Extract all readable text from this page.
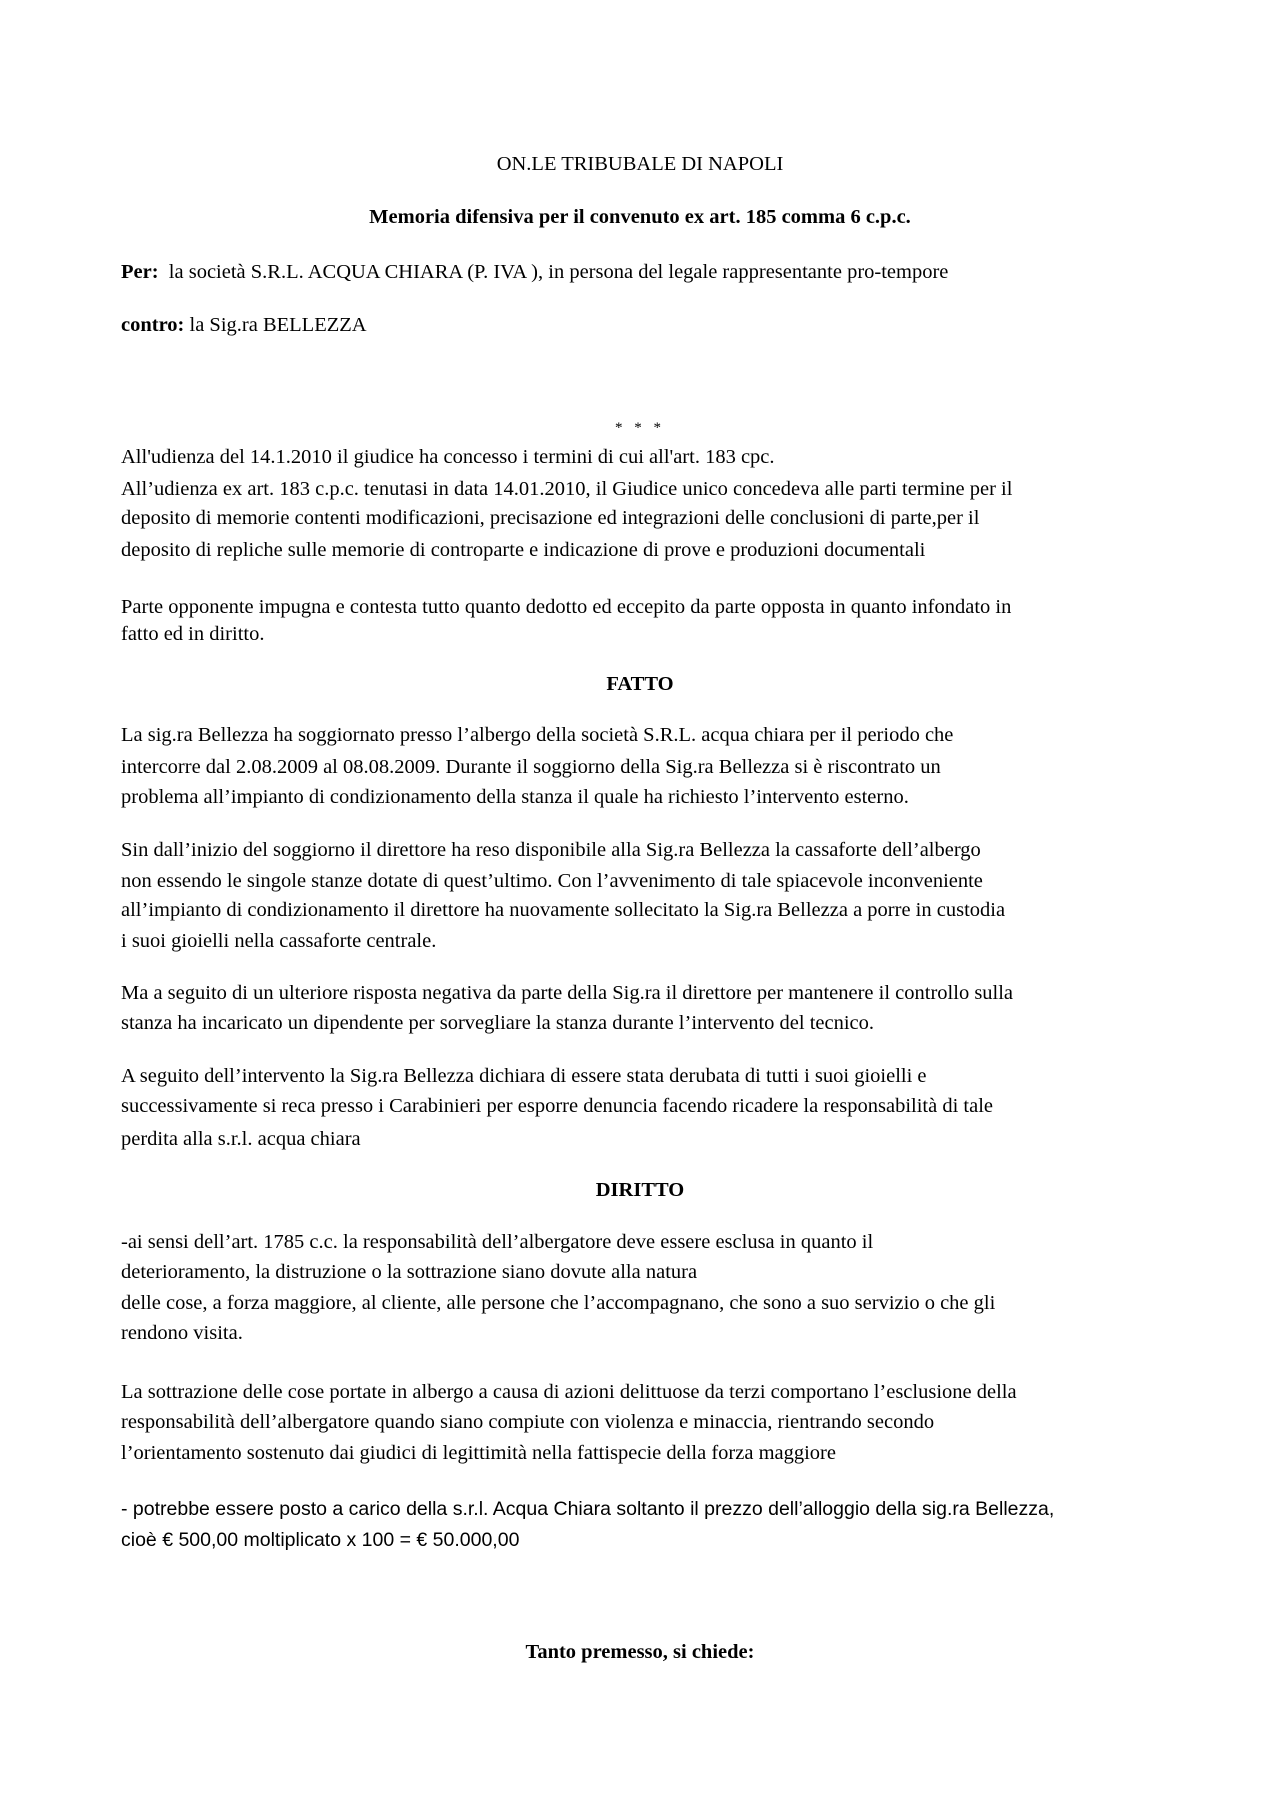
ON.LE TRIBUBALE DI NAPOLI

Memoria difensiva per il convenuto ex art. 185 comma 6 c.p.c.

Per: la società S.R.L. ACQUA CHIARA (P. IVA ), in persona del legale rappresentante pro-tempore

contro: la Sig.ra BELLEZZA

* * *

All'udienza del 14.1.2010 il giudice ha concesso i termini di cui all'art. 183 cpc.

All’udienza ex art. 183 c.p.c. tenutasi in data 14.01.2010, il Giudice unico concedeva alle parti termine per il

deposito di memorie contenti modificazioni, precisazione ed integrazioni delle conclusioni di parte,per il

deposito di repliche sulle memorie di controparte e indicazione di prove e produzioni documentali

Parte opponente impugna e contesta tutto quanto dedotto ed eccepito da parte opposta in quanto infondato in

fatto ed in diritto.

FATTO

La sig.ra Bellezza ha soggiornato presso l’albergo della società S.R.L. acqua chiara per il periodo che

intercorre dal 2.08.2009 al 08.08.2009. Durante il soggiorno della Sig.ra Bellezza si è riscontrato un

problema all’impianto di condizionamento della stanza il quale ha richiesto l’intervento esterno.

Sin dall’inizio del soggiorno il direttore ha reso disponibile alla Sig.ra Bellezza la cassaforte dell’albergo

non essendo le singole stanze dotate di quest’ultimo. Con l’avvenimento di tale spiacevole inconveniente

all’impianto di condizionamento il direttore ha nuovamente sollecitato la Sig.ra Bellezza a porre in custodia

i suoi gioielli nella cassaforte centrale.

Ma a seguito di un ulteriore risposta negativa da parte della Sig.ra il direttore per mantenere il controllo sulla

stanza ha incaricato un dipendente per sorvegliare la stanza durante l’intervento del tecnico.

A seguito dell’intervento la Sig.ra Bellezza dichiara di essere stata derubata di tutti i suoi gioielli e

successivamente si reca presso i Carabinieri per esporre denuncia facendo ricadere la responsabilità di tale

perdita alla s.r.l. acqua chiara

DIRITTO

-ai sensi dell’art. 1785 c.c. la responsabilità dell’albergatore deve essere esclusa in quanto il

deterioramento, la distruzione o la sottrazione siano dovute alla natura

delle cose, a forza maggiore, al cliente, alle persone che l’accompagnano, che sono a suo servizio o che gli

rendono visita.

La sottrazione delle cose portate in albergo a causa di azioni delittuose da terzi comportano l’esclusione della

responsabilità dell’albergatore quando siano compiute con violenza e minaccia, rientrando secondo

l’orientamento sostenuto dai giudici di legittimità nella fattispecie della forza maggiore

- potrebbe essere posto a carico della s.r.l. Acqua Chiara soltanto il prezzo dell’alloggio della sig.ra Bellezza,

cioè € 500,00 moltiplicato x 100 = € 50.000,00

Tanto premesso, si chiede:
